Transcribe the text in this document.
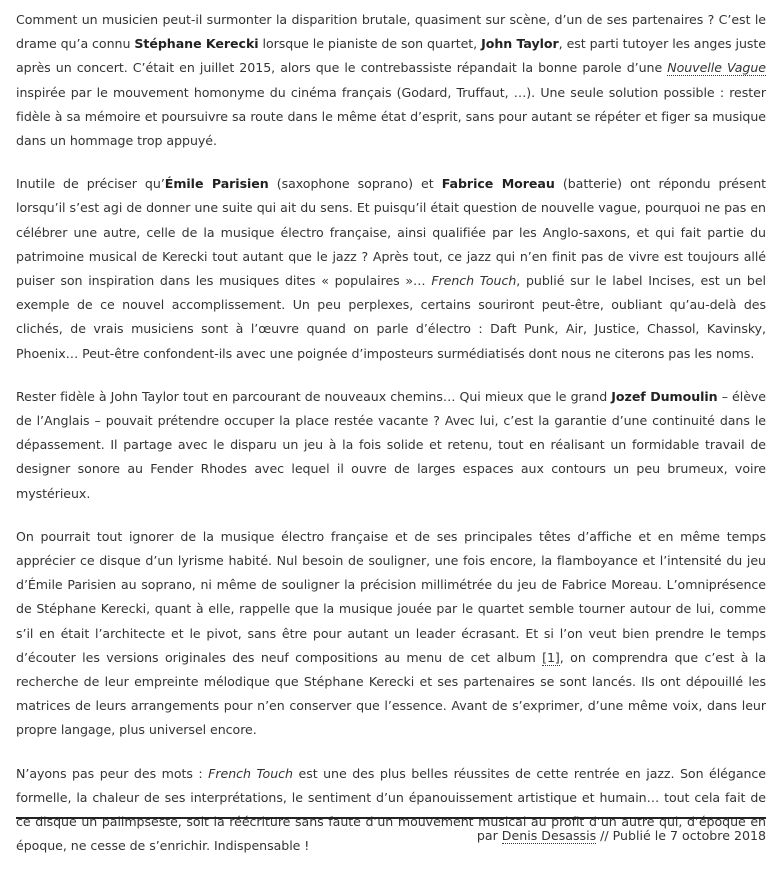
Comment un musicien peut-il surmonter la disparition brutale, quasiment sur scène, d’un de ses partenaires ? C’est le drame qu’a connu Stéphane Kerecki lorsque le pianiste de son quartet, John Taylor, est parti tutoyer les anges juste après un concert. C’était en juillet 2015, alors que le contrebassiste répandait la bonne parole d’une Nouvelle Vague inspirée par le mouvement homonyme du cinéma français (Godard, Truffaut, …). Une seule solution possible : rester fidèle à sa mémoire et poursuivre sa route dans le même état d’esprit, sans pour autant se répéter et figer sa musique dans un hommage trop appuyé.

Inutile de préciser qu’Émile Parisien (saxophone soprano) et Fabrice Moreau (batterie) ont répondu présent lorsqu’il s’est agi de donner une suite qui ait du sens. Et puisqu’il était question de nouvelle vague, pourquoi ne pas en célébrer une autre, celle de la musique électro française, ainsi qualifiée par les Anglo-saxons, et qui fait partie du patrimoine musical de Kerecki tout autant que le jazz ? Après tout, ce jazz qui n’en finit pas de vivre est toujours allé puiser son inspiration dans les musiques dites « populaires »… French Touch, publié sur le label Incises, est un bel exemple de ce nouvel accomplissement. Un peu perplexes, certains souriront peut-être, oubliant qu’au-delà des clichés, de vrais musiciens sont à l’œuvre quand on parle d’électro : Daft Punk, Air, Justice, Chassol, Kavinsky, Phoenix… Peut-être confondent-ils avec une poignée d’imposteurs surmédiatisés dont nous ne citerons pas les noms.

Rester fidèle à John Taylor tout en parcourant de nouveaux chemins… Qui mieux que le grand Jozef Dumoulin – élève de l’Anglais – pouvait prétendre occuper la place restée vacante ? Avec lui, c’est la garantie d’une continuité dans le dépassement. Il partage avec le disparu un jeu à la fois solide et retenu, tout en réalisant un formidable travail de designer sonore au Fender Rhodes avec lequel il ouvre de larges espaces aux contours un peu brumeux, voire mystérieux.

On pourrait tout ignorer de la musique électro française et de ses principales têtes d’affiche et en même temps apprécier ce disque d’un lyrisme habité. Nul besoin de souligner, une fois encore, la flamboyance et l’intensité du jeu d’Émile Parisien au soprano, ni même de souligner la précision millimétrée du jeu de Fabrice Moreau. L’omniprésence de Stéphane Kerecki, quant à elle, rappelle que la musique jouée par le quartet semble tourner autour de lui, comme s’il en était l’architecte et le pivot, sans être pour autant un leader écrasant. Et si l’on veut bien prendre le temps d’écouter les versions originales des neuf compositions au menu de cet album [1], on comprendra que c’est à la recherche de leur empreinte mélodique que Stéphane Kerecki et ses partenaires se sont lancés. Ils ont dépouillé les matrices de leurs arrangements pour n’en conserver que l’essence. Avant de s’exprimer, d’une même voix, dans leur propre langage, plus universel encore.

N’ayons pas peur des mots : French Touch est une des plus belles réussites de cette rentrée en jazz. Son élégance formelle, la chaleur de ses interprétations, le sentiment d’un épanouissement artistique et humain… tout cela fait de ce disque un palimpseste, soit la réécriture sans faute d’un mouvement musical au profit d’un autre qui, d’époque en époque, ne cesse de s’enrichir. Indispensable !

par Denis Desassis // Publié le 7 octobre 2018
